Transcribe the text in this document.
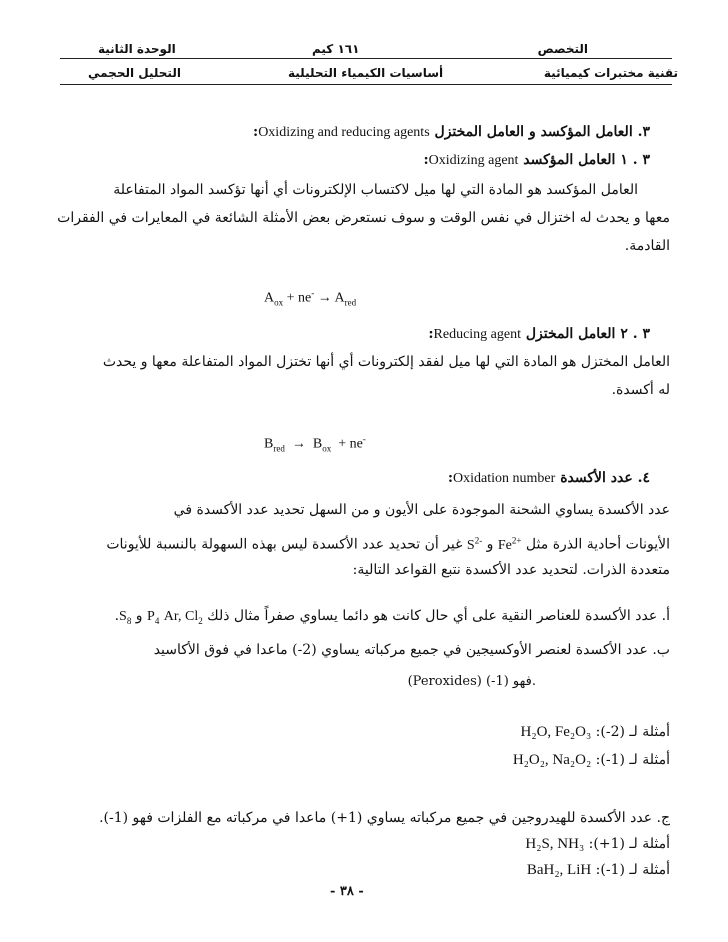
التخصص
١٦١ كيم
الوحدة الثانية
تقنية مختبرات كيميائية
أساسيات الكيمياء التحليلية
التحليل الحجمي
٣. العامل المؤكسد و العامل المختزل Oxidizing and reducing agents:
٣ . ١ العامل المؤكسد Oxidizing agent:
العامل المؤكسد هو المادة التي لها ميل لاكتساب الإلكترونات أي أنها تؤكسد المواد المتفاعلة
معها و يحدث له اختزال في نفس الوقت و سوف نستعرض بعض الأمثلة الشائعة في المعايرات في الفقرات
القادمة.
$A_{ox} + ne^- \to A_{red}$
٣ . ٢ العامل المختزل Reducing agent:
العامل المختزل هو المادة التي لها ميل لفقد إلكترونات أي أنها تختزل المواد المتفاعلة معها و يحدث
له أكسدة.
$B_{red} \to B_{ox} + ne^-$
٤. عدد الأكسدة Oxidation number:
عدد الأكسدة يساوي الشحنة الموجودة على الأيون و من السهل تحديد عدد الأكسدة في
الأيونات أحادية الذرة مثل $Fe^{2+}$ و $S^{2-}$ غير أن تحديد عدد الأكسدة ليس بهذه السهولة بالنسبة للأيونات
متعددة الذرات. لتحديد عدد الأكسدة نتبع القواعد التالية:
أ. عدد الأكسدة للعناصر النقية على أي حال كانت هو دائما يساوي صفراً مثال ذلك Ar, $Cl_2$ $P_4$ و $S_8$.
ب. عدد الأكسدة لعنصر الأوكسيجين في جميع مركباته يساوي (2-) ماعدا في فوق الأكاسيد
(Peroxides) فهو (1-).
أمثلة لـ (2-): H₂O, Fe₂O₃
أمثلة لـ (1-): H₂O₂, Na₂O₂
ج. عدد الأكسدة للهيدروجين في جميع مركباته يساوي (1+) ماعدا في مركباته مع الفلزات فهو (1-).
أمثلة لـ (1+): H₂S, NH₃
أمثلة لـ (1-): BaH₂, LiH
- ٣٨ -
